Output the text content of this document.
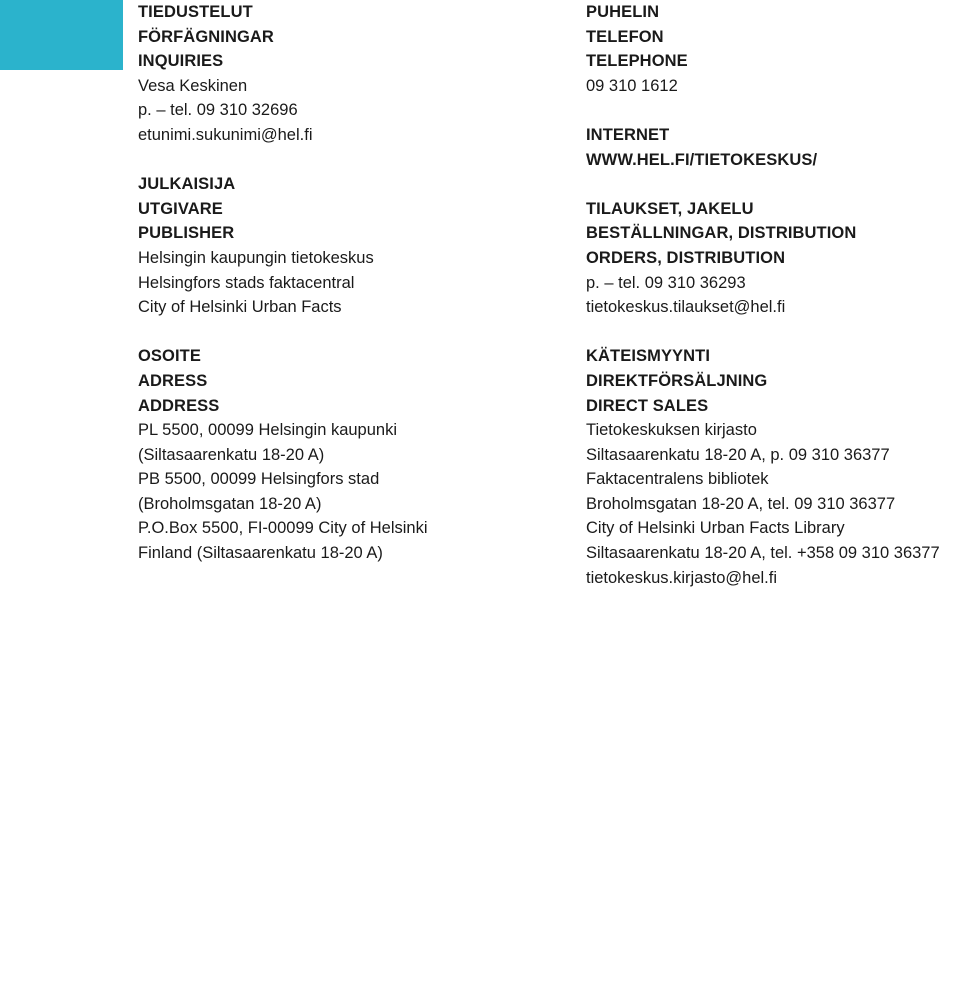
TIEDUSTELUT
FÖRFÄGNINGAR
INQUIRIES
Vesa Keskinen
p. – tel. 09 310 32696
etunimi.sukunimi@hel.fi
JULKAISIJA
UTGIVARE
PUBLISHER
Helsingin kaupungin tietokeskus
Helsingfors stads faktacentral
City of Helsinki Urban Facts
OSOITE
ADRESS
ADDRESS
PL 5500, 00099 Helsingin kaupunki
(Siltasaarenkatu 18-20 A)
PB 5500, 00099 Helsingfors stad
(Broholmsgatan 18-20 A)
P.O.Box 5500, FI-00099 City of Helsinki
Finland (Siltasaarenkatu 18-20 A)
PUHELIN
TELEFON
TELEPHONE
09 310 1612
INTERNET
WWW.HEL.FI/TIETOKESKUS/
TILAUKSET, JAKELU
BESTÄLLNINGAR, DISTRIBUTION
ORDERS, DISTRIBUTION
p. – tel. 09 310 36293
tietokeskus.tilaukset@hel.fi
KÄTEISMYYNTI
DIREKTFÖRSÄLJNING
DIRECT SALES
Tietokeskuksen kirjasto
Siltasaarenkatu 18-20 A, p. 09 310 36377
Faktacentralens bibliotek
Broholmsgatan 18-20 A, tel. 09 310 36377
City of Helsinki Urban Facts Library
Siltasaarenkatu 18-20 A, tel. +358 09 310 36377
tietokeskus.kirjasto@hel.fi
